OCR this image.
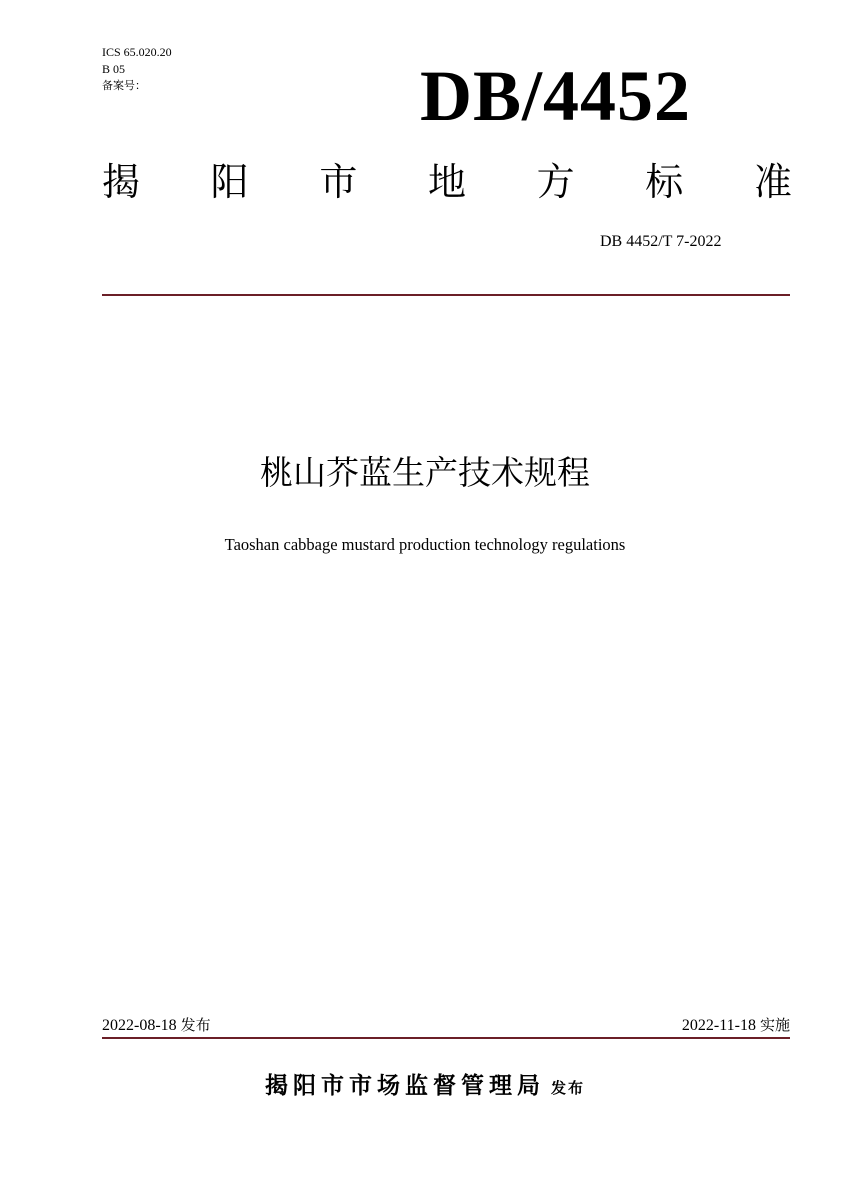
ICS 65.020.20
B 05
备案号：	DB/4452
揭 阳 市 地 方 标 准
DB 4452/T 7-2022
桃山芥蓝生产技术规程
Taoshan cabbage mustard production technology regulations
2022-08-18 发布	2022-11-18 实施
揭阳市市场监督管理局 发布
